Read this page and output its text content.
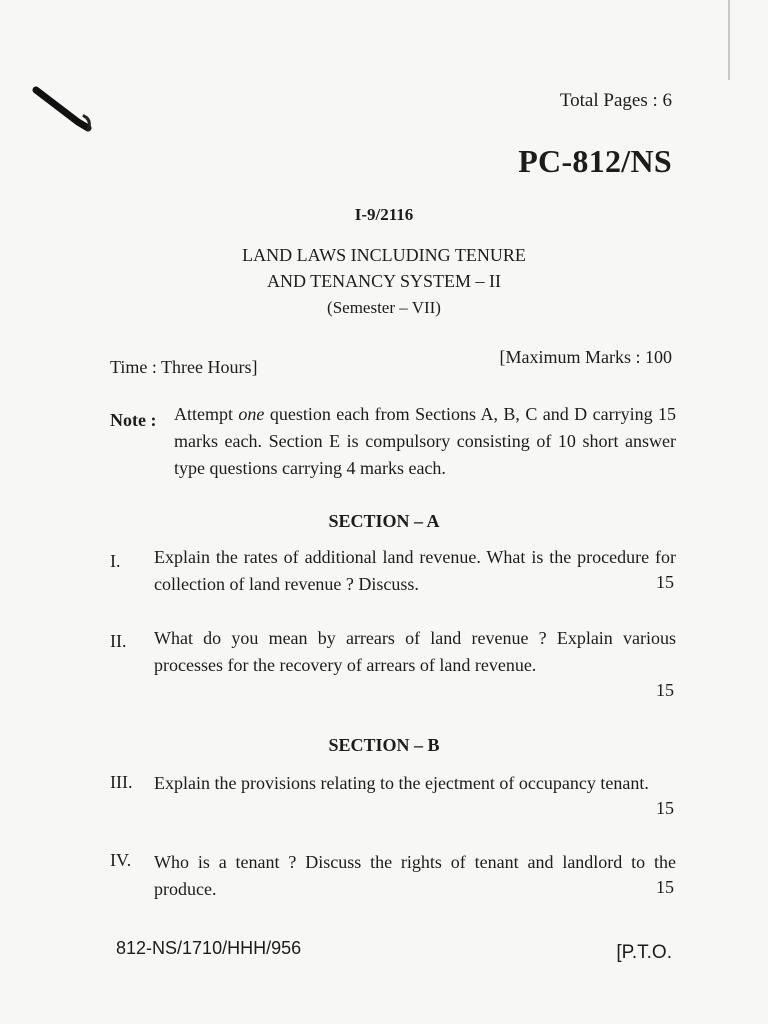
Total Pages : 6
PC-812/NS
I-9/2116
LAND LAWS INCLUDING TENURE
AND TENANCY SYSTEM – II
(Semester – VII)
Time : Three Hours]	[Maximum Marks : 100
Note : Attempt one question each from Sections A, B, C and D carrying 15 marks each. Section E is compulsory consisting of 10 short answer type questions carrying 4 marks each.
SECTION – A
I. Explain the rates of additional land revenue. What is the procedure for collection of land revenue ? Discuss.	15
II. What do you mean by arrears of land revenue ? Explain various processes for the recovery of arrears of land revenue.
15
SECTION – B
III. Explain the provisions relating to the ejectment of occupancy tenant.
15
IV. Who is a tenant ? Discuss the rights of tenant and landlord to the produce.	15
812-NS/1710/HHH/956	[P.T.O.
